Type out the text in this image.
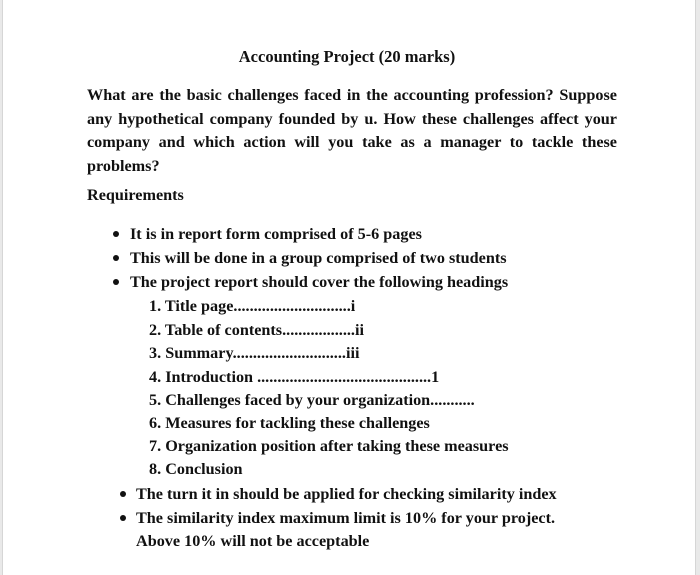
Accounting Project (20 marks)
What are the basic challenges faced in the accounting profession? Suppose any hypothetical company founded by u. How these challenges affect your company and which action will you take as a manager to tackle these problems?
Requirements
It is in report form comprised of 5-6 pages
This will be done in a group comprised of two students
The project report should cover the following headings
1. Title page.............................i
2. Table of contents..................ii
3. Summary............................iii
4. Introduction ...........................................1
5. Challenges faced by your organization...........
6. Measures for tackling these challenges
7. Organization position after taking these measures
8. Conclusion
The turn it in should be applied for checking similarity index
The similarity index maximum limit is 10% for your project.
Above 10% will not be acceptable
